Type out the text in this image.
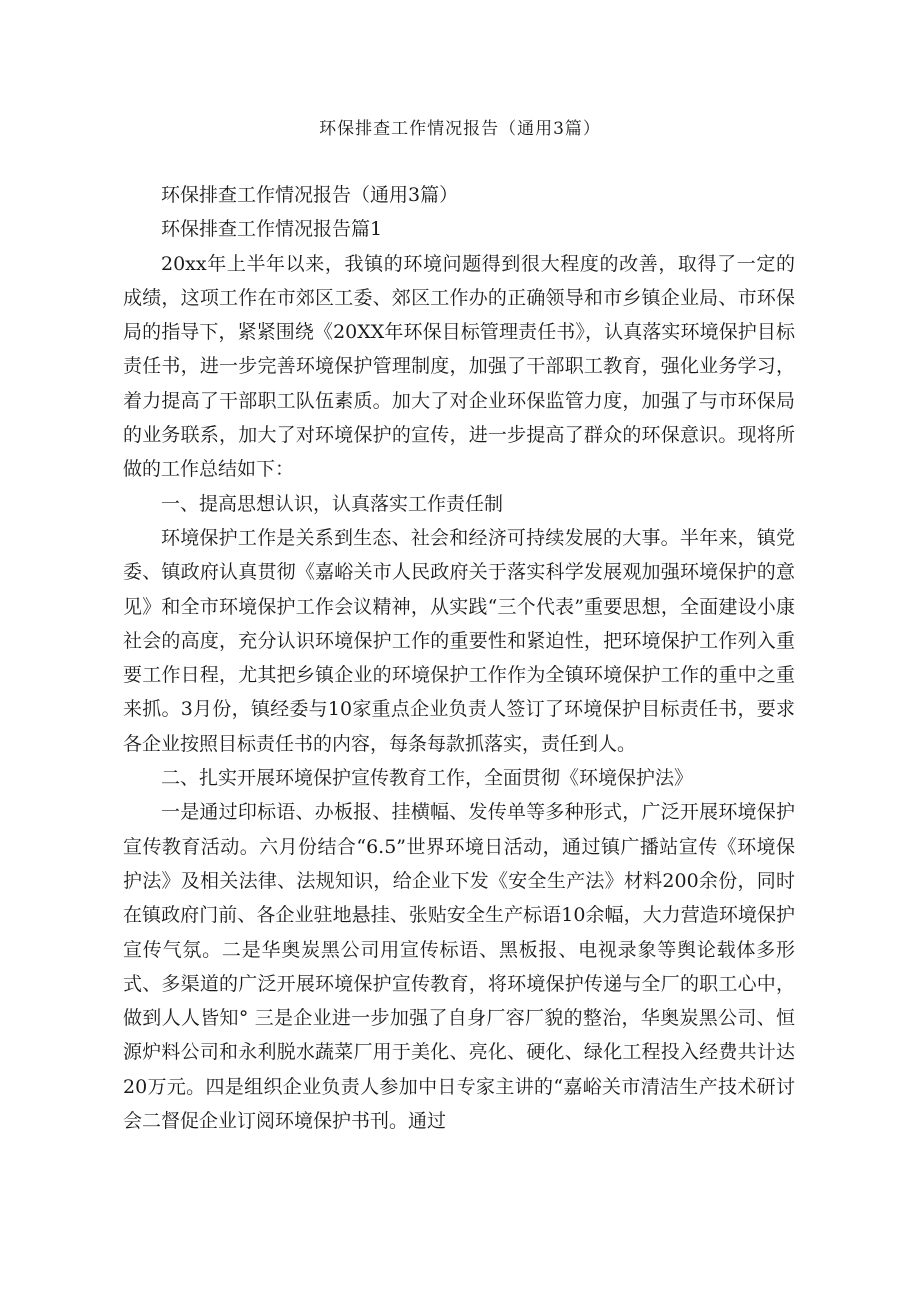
环保排查工作情况报告（通用3篇）

环保排查工作情况报告（通用3篇）

环保排查工作情况报告篇1

20xx年上半年以来，我镇的环境问题得到很大程度的改善，取得了一定的成绩，这项工作在市郊区工委、郊区工作办的正确领导和市乡镇企业局、市环保局的指导下，紧紧围绕《20XX年环保目标管理责任书》，认真落实环境保护目标责任书，进一步完善环境保护管理制度，加强了干部职工教育，强化业务学习，着力提高了干部职工队伍素质。加大了对企业环保监管力度，加强了与市环保局的业务联系，加大了对环境保护的宣传，进一步提高了群众的环保意识。现将所做的工作总结如下：

一、提高思想认识，认真落实工作责任制

环境保护工作是关系到生态、社会和经济可持续发展的大事。半年来，镇党委、镇政府认真贯彻《嘉峪关市人民政府关于落实科学发展观加强环境保护的意见》和全市环境保护工作会议精神，从实践“三个代表”重要思想，全面建设小康社会的高度，充分认识环境保护工作的重要性和紧迫性，把环境保护工作列入重要工作日程，尤其把乡镇企业的环境保护工作作为全镇环境保护工作的重中之重来抓。3月份，镇经委与10家重点企业负责人签订了环境保护目标责任书，要求各企业按照目标责任书的内容，每条每款抓落实，责任到人。

二、扎实开展环境保护宣传教育工作，全面贯彻《环境保护法》

一是通过印标语、办板报、挂横幅、发传单等多种形式，广泛开展环境保护宣传教育活动。六月份结合“6.5”世界环境日活动，通过镇广播站宣传《环境保护法》及相关法律、法规知识，给企业下发《安全生产法》材料200余份，同时在镇政府门前、各企业驻地悬挂、张贴安全生产标语10余幅，大力营造环境保护宣传气氛。二是华奥炭黑公司用宣传标语、黑板报、电视录象等舆论载体多形式、多渠道的广泛开展环境保护宣传教育，将环境保护传递与全厂的职工心中，做到人人皆知° 三是企业进一步加强了自身厂容厂貌的整治，华奥炭黑公司、恒源炉料公司和永利脱水蔬菜厂用于美化、亮化、硬化、绿化工程投入经费共计达20万元。四是组织企业负责人参加中日专家主讲的“嘉峪关市清洁生产技术研讨会二督促企业订阅环境保护书刊。通过
